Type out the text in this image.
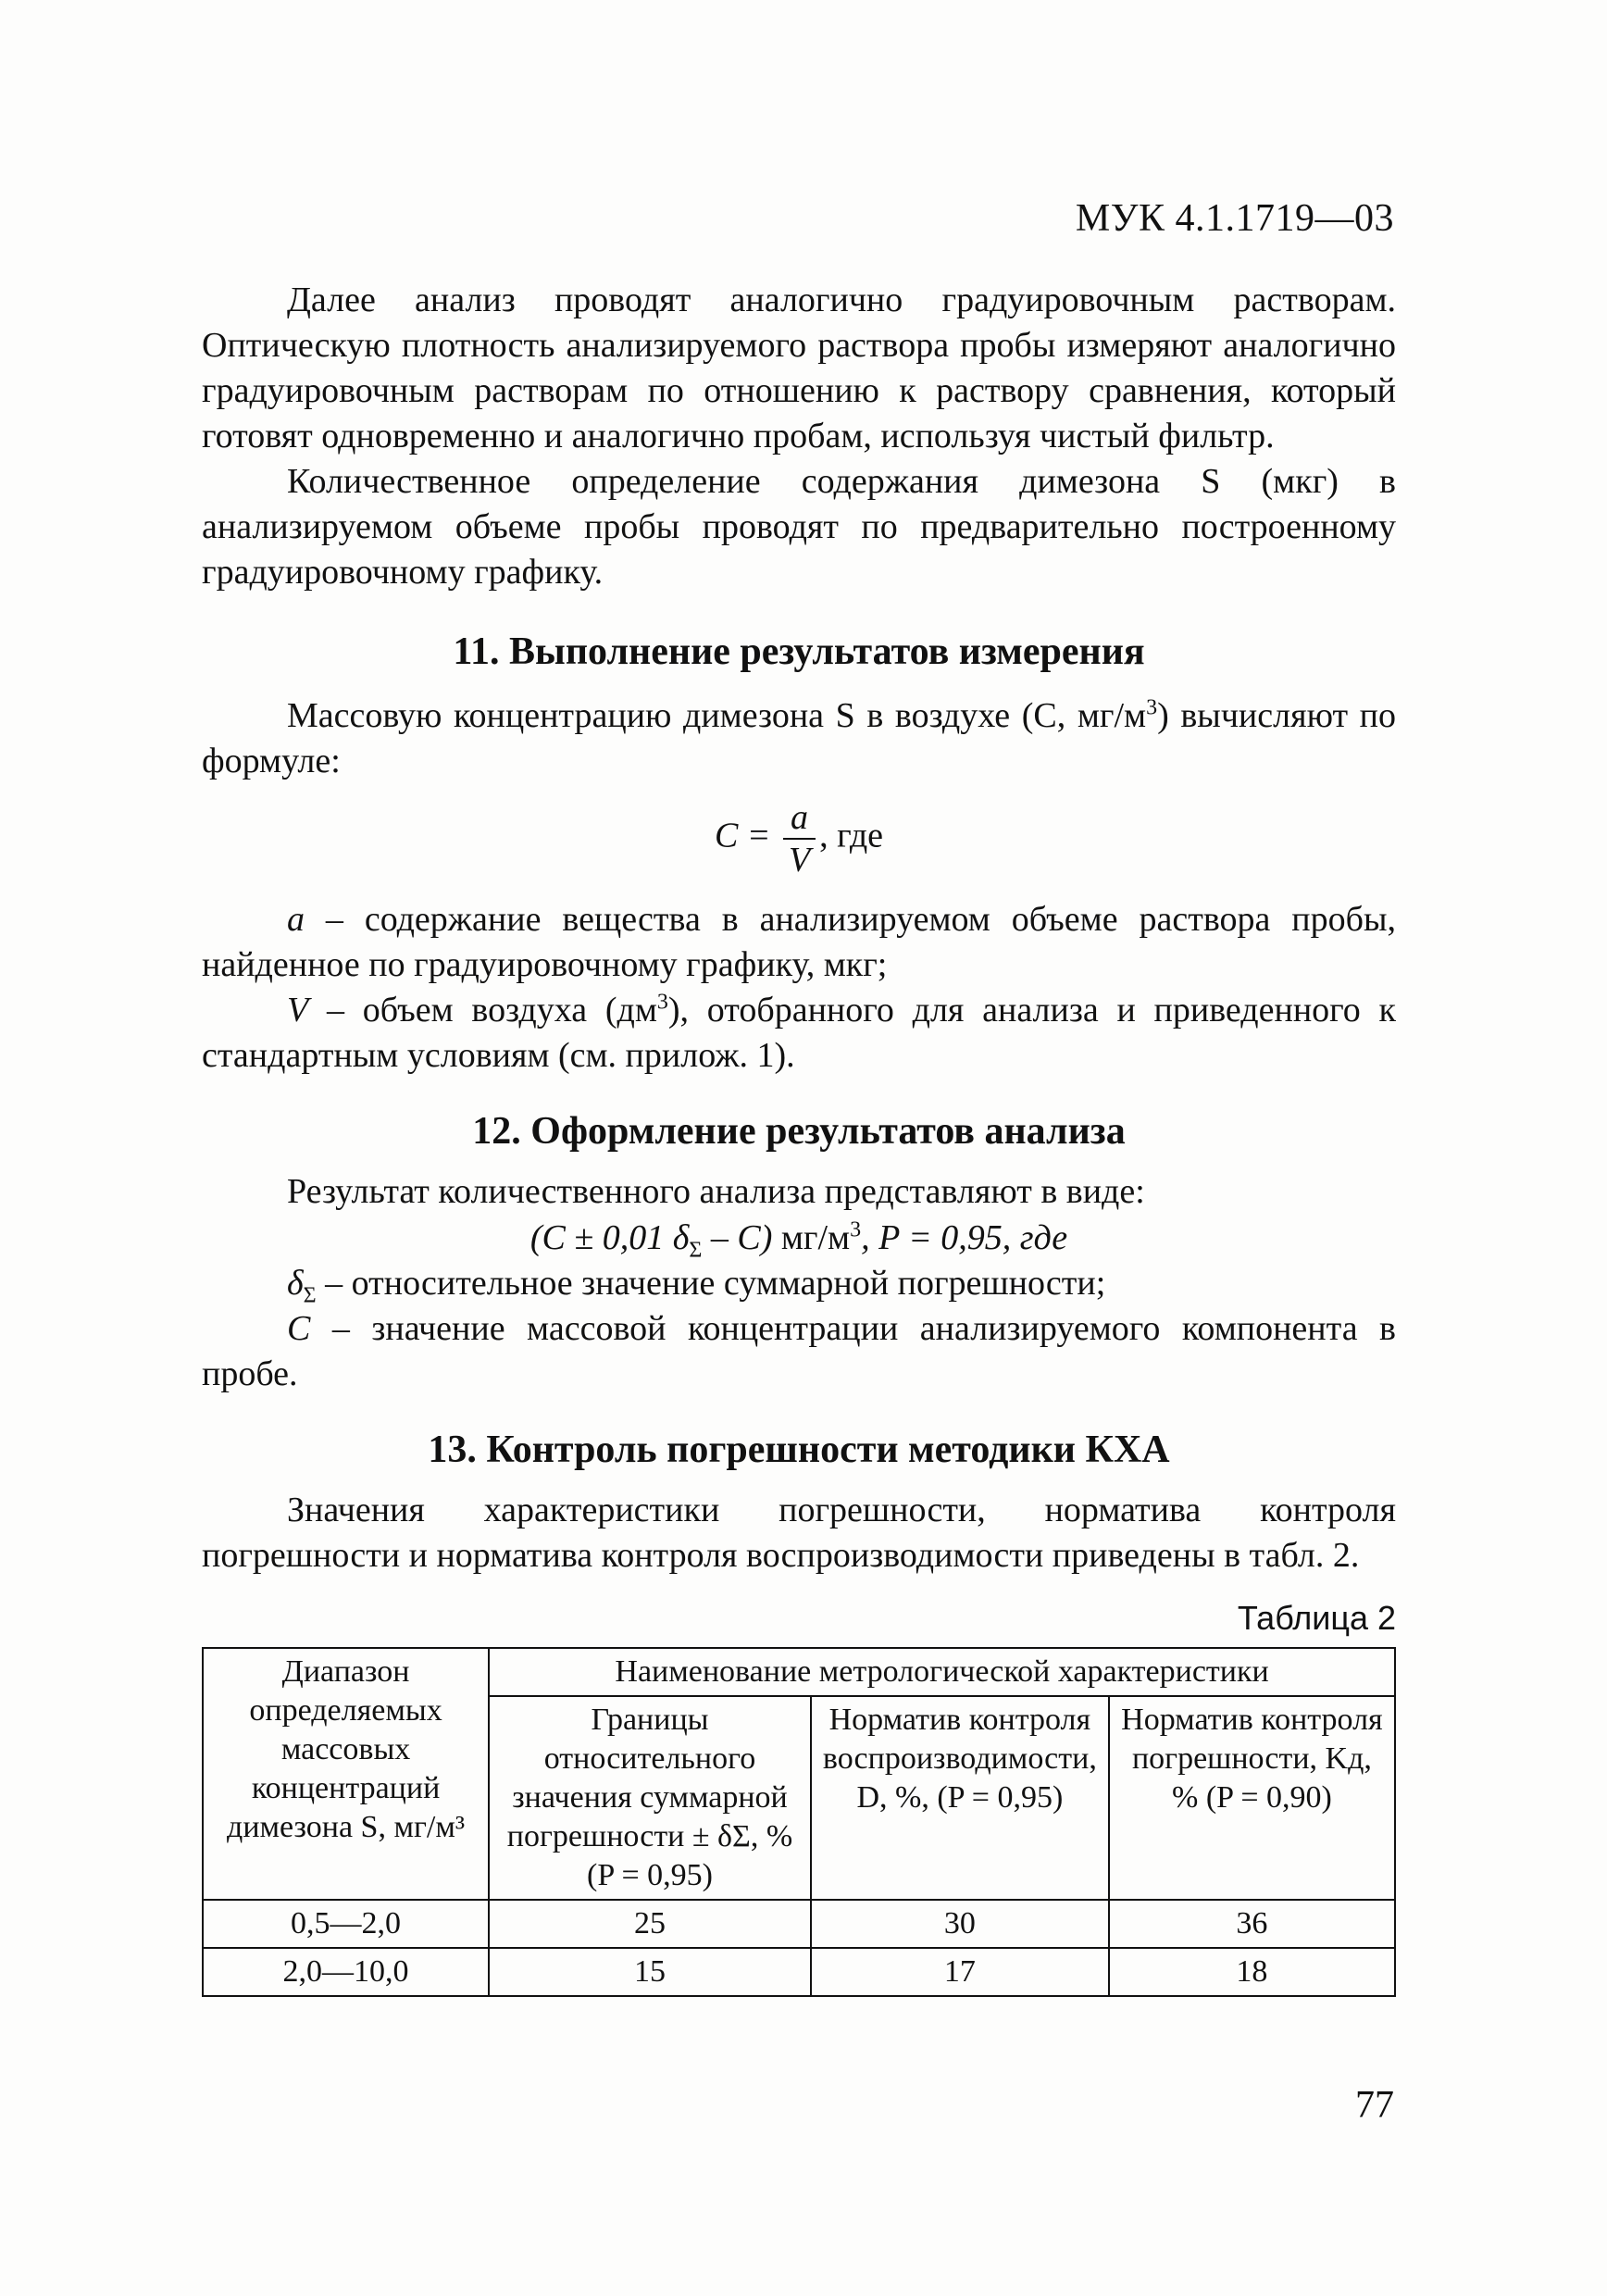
МУК 4.1.1719—03

Далее анализ проводят аналогично градуировочным растворам. Оптическую плотность анализируемого раствора пробы измеряют аналогично градуировочным растворам по отношению к раствору сравнения, который готовят одновременно и аналогично пробам, используя чистый фильтр.

Количественное определение содержания димезона S (мкг) в анализируемом объеме пробы проводят по предварительно построенному градуировочному графику.

11. Выполнение результатов измерения

Массовую концентрацию димезона S в воздухе (С, $мг/м^3$) вычисляют по формуле:

$C = \frac{a}{V}$ , где

a – содержание вещества в анализируемом объеме раствора пробы, найденное по градуировочному графику, мкг;

V – объем воздуха $(дм^3)$, отобранного для анализа и приведенного к стандартным условиям (см. прилож. 1).

12. Оформление результатов анализа

Результат количественного анализа представляют в виде:

(C ± 0,01 $\delta_\Sigma - C$) $мг/м^3$, P = 0,95, где

$\delta_\Sigma$ – относительное значение суммарной погрешности;

С – значение массовой концентрации анализируемого компонента в пробе.

13. Контроль погрешности методики КХА

Значения характеристики погрешности, норматива контроля погрешности и норматива контроля воспроизводимости приведены в табл. 2.

Таблица 2
Диапазон определяемых массовых концентраций димезона S, мг/м³	Наименование метрологической характеристики		
	Границы относительного значения суммарной погрешности ± δΣ, % (P = 0,95)	Норматив контроля воспроизводимости, D, %, (P = 0,95)	Норматив контроля погрешности, Kд, % (P = 0,90)
0,5—2,0	25	30	36
2,0—10,0	15	17	18
77
